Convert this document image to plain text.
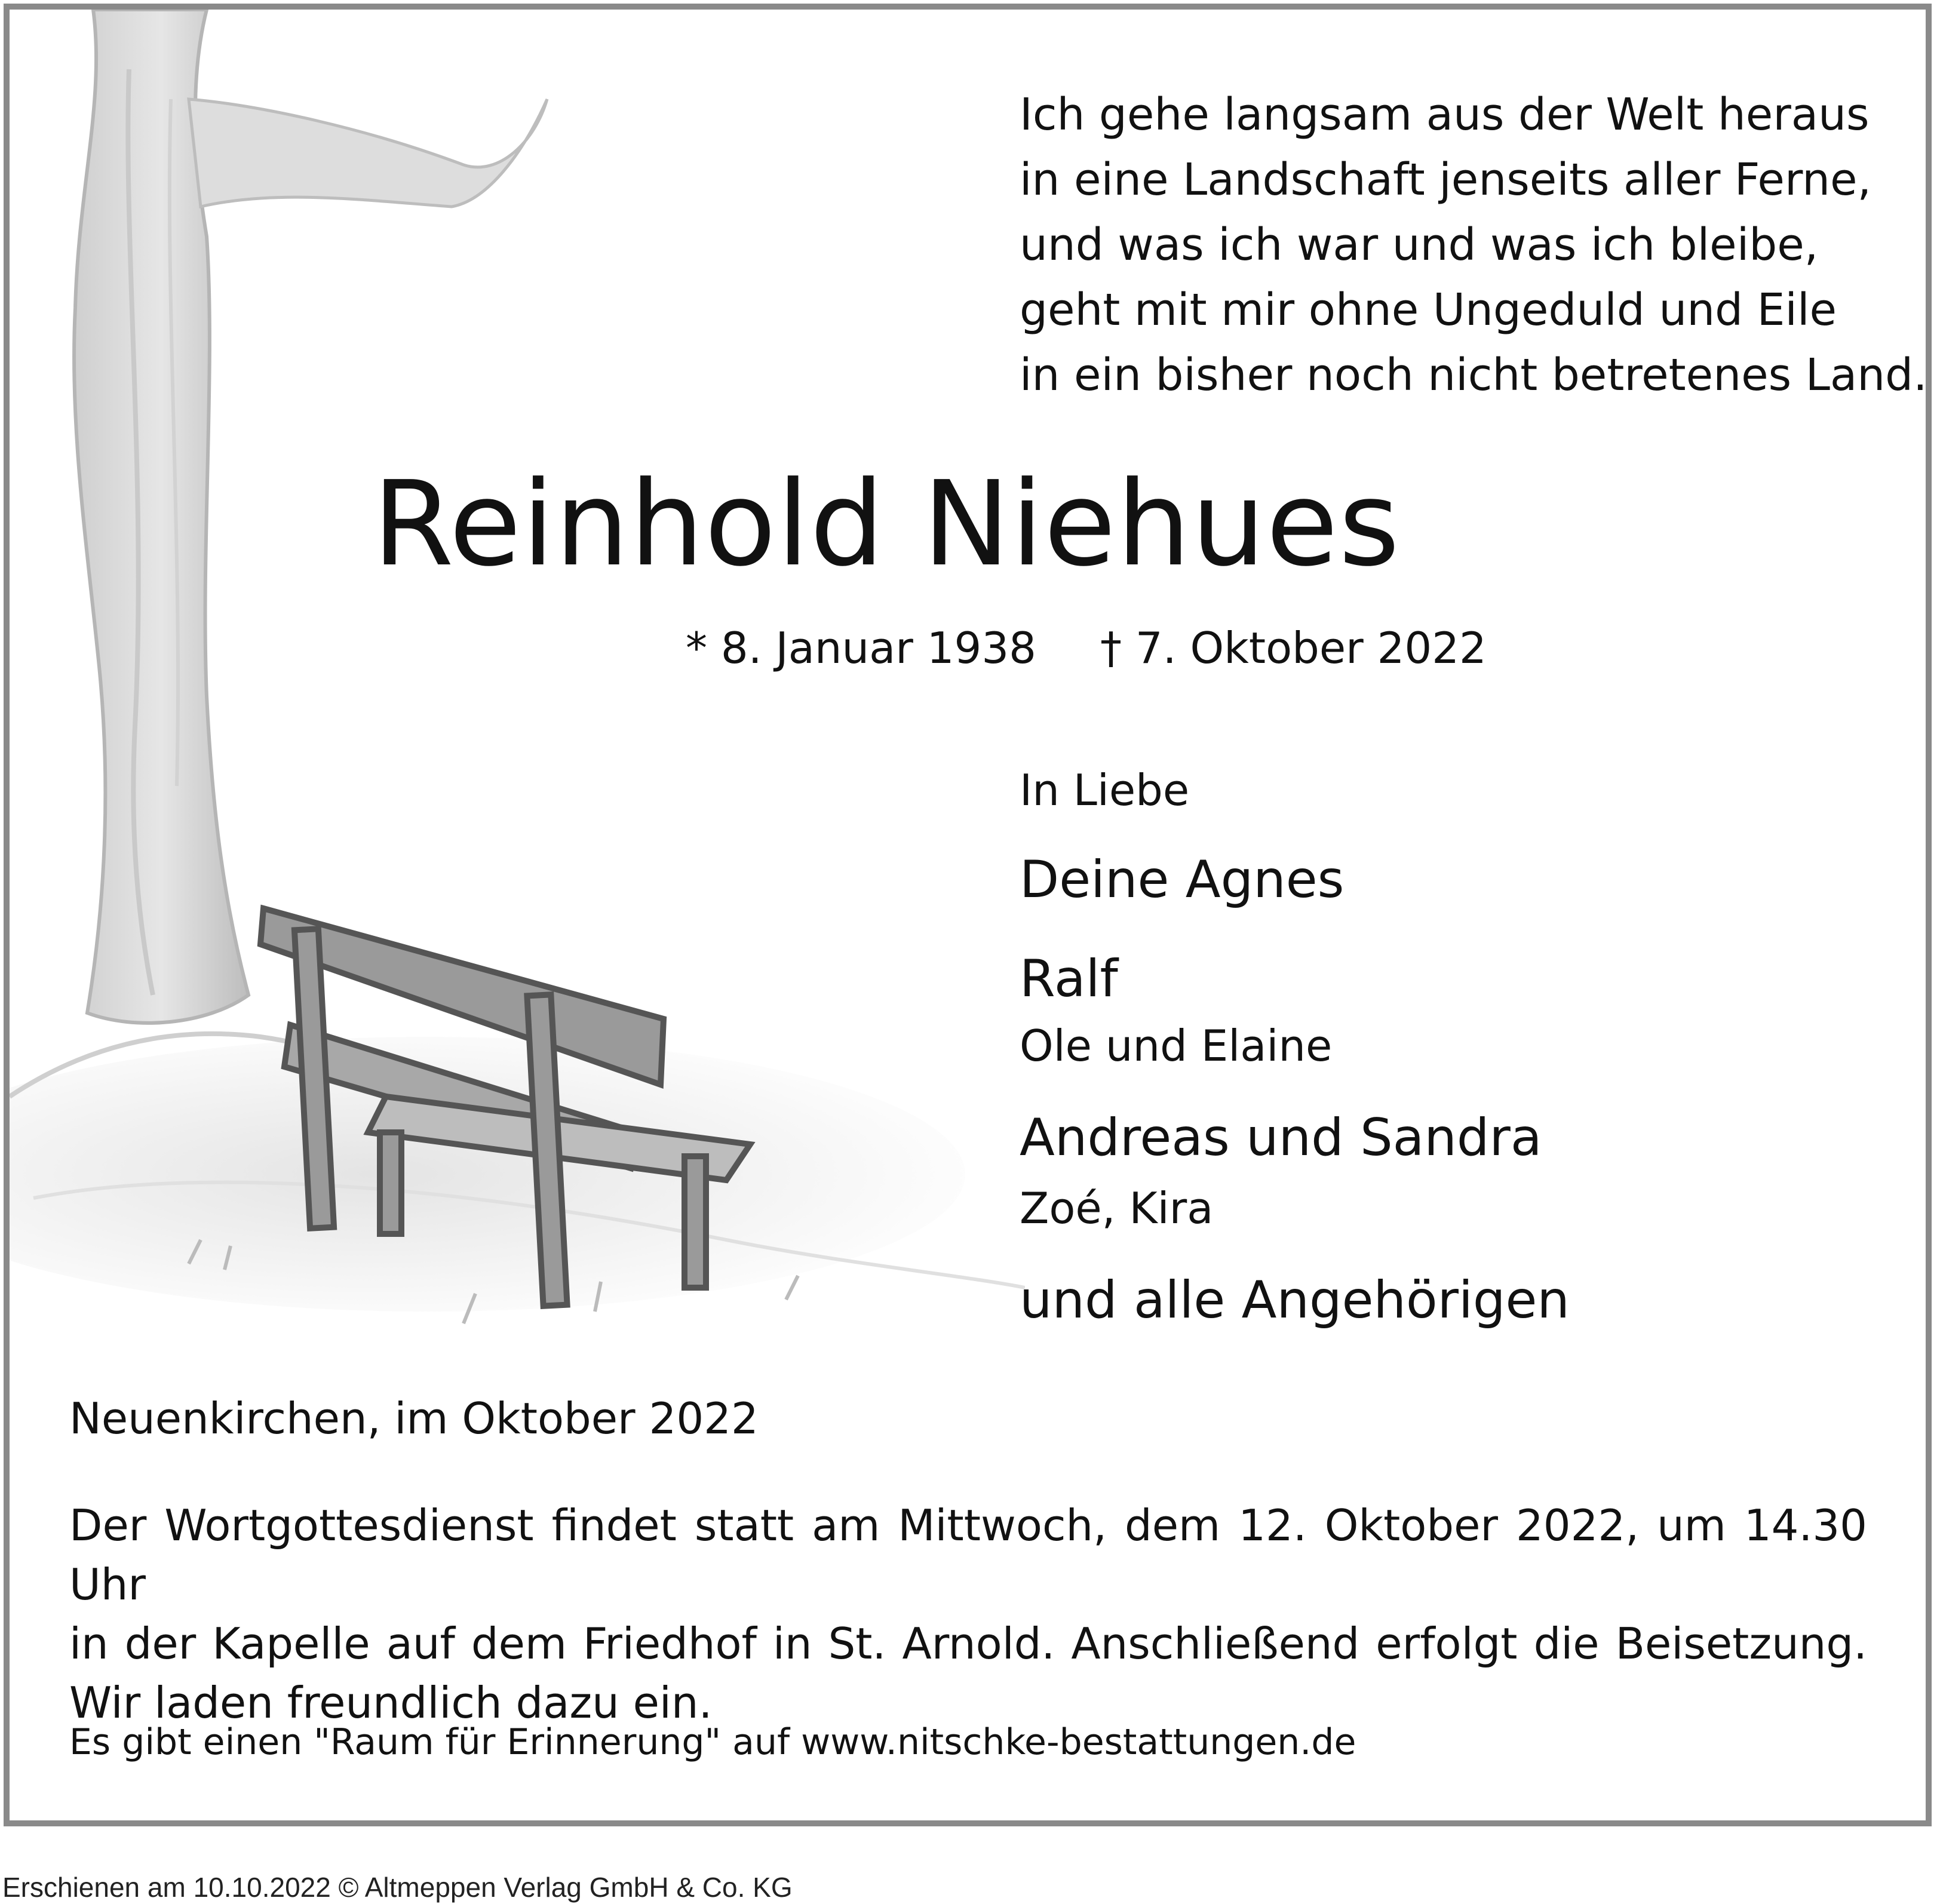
Ich gehe langsam aus der Welt heraus
in eine Landschaft jenseits aller Ferne,
und was ich war und was ich bleibe,
geht mit mir ohne Ungeduld und Eile
in ein bisher noch nicht betretenes Land.
Reinhold Niehues
* 8. Januar 1938 † 7. Oktober 2022
In Liebe
Deine Agnes
Ralf
Ole und Elaine
Andreas und Sandra
Zoé, Kira
und alle Angehörigen
Neuenkirchen, im Oktober 2022
Der Wortgottesdienst findet statt am Mittwoch, dem 12. Oktober 2022, um 14.30 Uhr
in der Kapelle auf dem Friedhof in St. Arnold. Anschließend erfolgt die Beisetzung.
Wir laden freundlich dazu ein.
Es gibt einen "Raum für Erinnerung" auf www.nitschke-bestattungen.de
Erschienen am 10.10.2022 © Altmeppen Verlag GmbH & Co. KG
